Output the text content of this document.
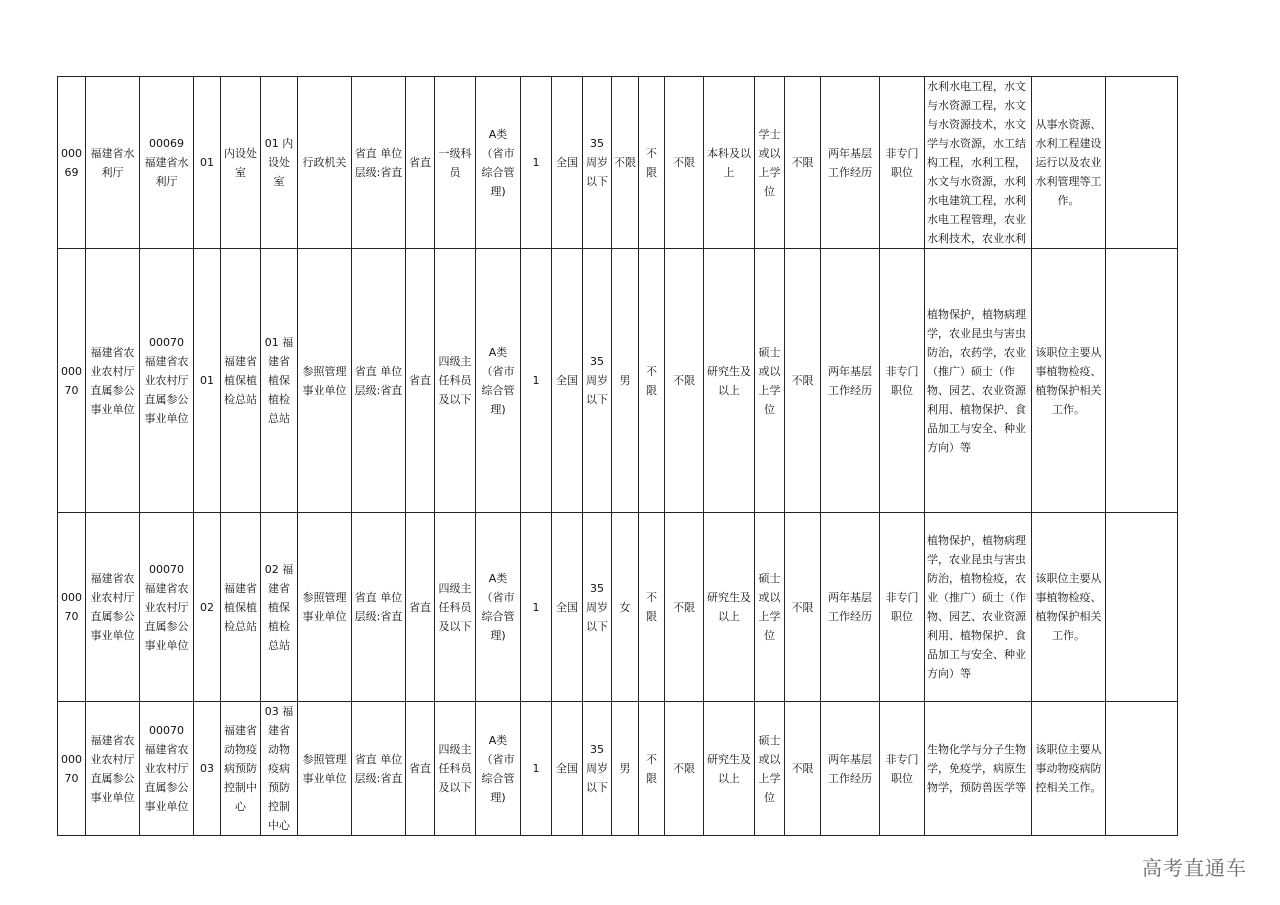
00069	福建省水利厅	00069 福建省水利厅	01	内设处室	01 内设处室	行政机关	省直 单位层级:省直	省直	一级科员	A类（省市综合管理)	1	全国	35周岁以下	不限	不限	不限	本科及以上	学士或以上学位	不限	两年基层工作经历	非专门职位	水利水电工程，水文与水资源工程，水文与水资源技术，水文学与水资源，水工结构工程，水利工程，水文与水资源，水利水电建筑工程，水利水电工程管理，农业水利技术，农业水利	从事水资源、水利工程建设运行以及农业水利管理等工作。	
00070	福建省农业农村厅直属参公事业单位	00070 福建省农业农村厅直属参公事业单位	01	福建省植保植检总站	01 福建省植保植检总站	参照管理事业单位	省直 单位层级:省直	省直	四级主任科员及以下	A类（省市综合管理)	1	全国	35周岁以下	男	不限	不限	研究生及以上	硕士或以上学位	不限	两年基层工作经历	非专门职位	植物保护，植物病理学，农业昆虫与害虫防治，农药学，农业（推广）硕士（作物、园艺、农业资源利用、植物保护、食品加工与安全、种业方向）等	该职位主要从事植物检疫、植物保护相关工作。	
00070	福建省农业农村厅直属参公事业单位	00070 福建省农业农村厅直属参公事业单位	02	福建省植保植检总站	02 福建省植保植检总站	参照管理事业单位	省直 单位层级:省直	省直	四级主任科员及以下	A类（省市综合管理)	1	全国	35周岁以下	女	不限	不限	研究生及以上	硕士或以上学位	不限	两年基层工作经历	非专门职位	植物保护，植物病理学，农业昆虫与害虫防治，植物检疫，农业（推广）硕士（作物、园艺、农业资源利用、植物保护、食品加工与安全、种业方向）等	该职位主要从事植物检疫、植物保护相关工作。	
00070	福建省农业农村厅直属参公事业单位	00070 福建省农业农村厅直属参公事业单位	03	福建省动物疫病预防控制中心	03 福建省动物疫病预防控制中心	参照管理事业单位	省直 单位层级:省直	省直	四级主任科员及以下	A类（省市综合管理)	1	全国	35周岁以下	男	不限	不限	研究生及以上	硕士或以上学位	不限	两年基层工作经历	非专门职位	生物化学与分子生物学，免疫学，病原生物学，预防兽医学等	该职位主要从事动物疫病防控相关工作。	
高考直通车
